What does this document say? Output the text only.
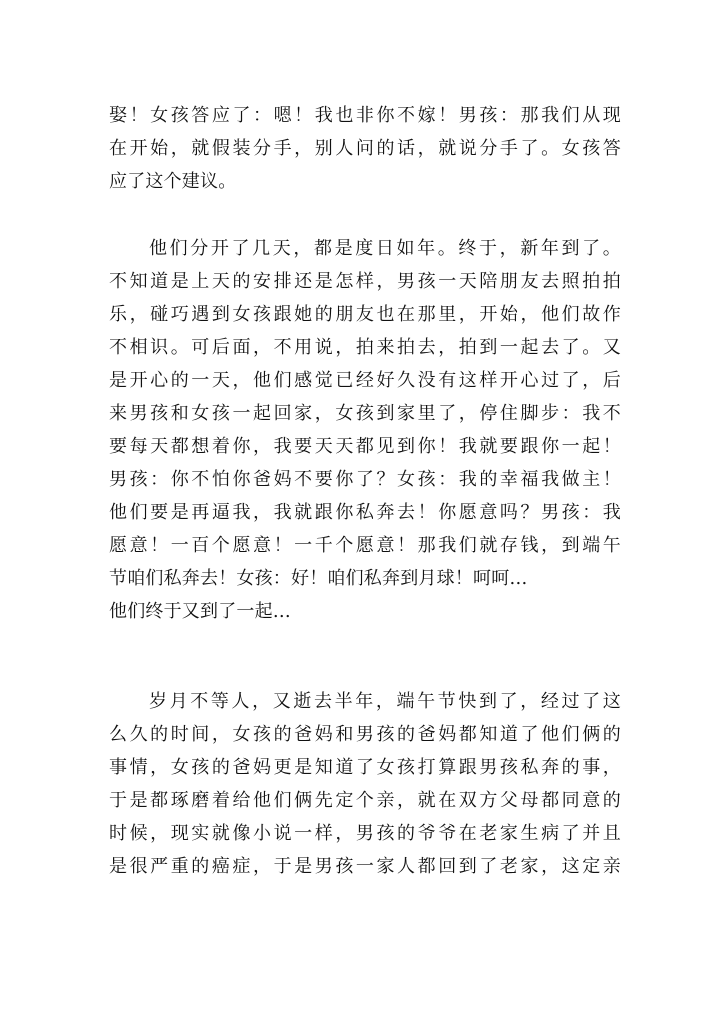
娶！女孩答应了：嗯！我也非你不嫁！男孩：那我们从现
在开始，就假装分手，别人问的话，就说分手了。女孩答
应了这个建议。
他们分开了几天，都是度日如年。终于，新年到了。
不知道是上天的安排还是怎样，男孩一天陪朋友去照拍拍
乐，碰巧遇到女孩跟她的朋友也在那里，开始，他们故作
不相识。可后面，不用说，拍来拍去，拍到一起去了。又
是开心的一天，他们感觉已经好久没有这样开心过了，后
来男孩和女孩一起回家，女孩到家里了，停住脚步：我不
要每天都想着你，我要天天都见到你！我就要跟你一起！
男孩：你不怕你爸妈不要你了？女孩：我的幸福我做主！
他们要是再逼我，我就跟你私奔去！你愿意吗？男孩：我
愿意！一百个愿意！一千个愿意！那我们就存钱，到端午
节咱们私奔去！女孩：好！咱们私奔到月球！呵呵…
他们终于又到了一起…
岁月不等人，又逝去半年，端午节快到了，经过了这
么久的时间，女孩的爸妈和男孩的爸妈都知道了他们俩的
事情，女孩的爸妈更是知道了女孩打算跟男孩私奔的事，
于是都琢磨着给他们俩先定个亲，就在双方父母都同意的
时候，现实就像小说一样，男孩的爷爷在老家生病了并且
是很严重的癌症，于是男孩一家人都回到了老家，这定亲
